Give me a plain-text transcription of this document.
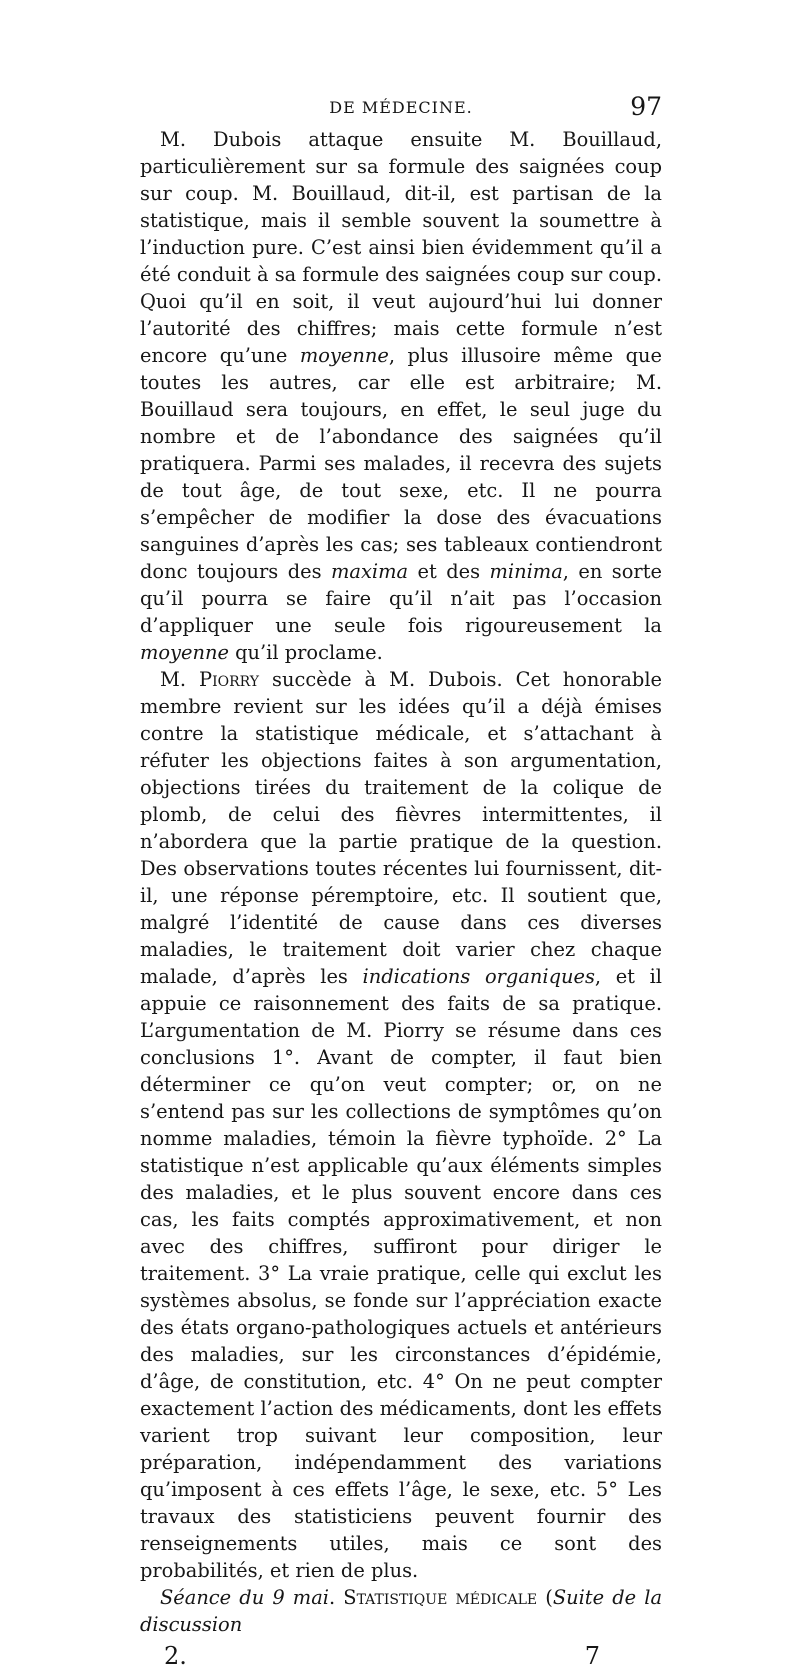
DE MÉDECINE.	97

M. Dubois attaque ensuite M. Bouillaud, particulièrement sur sa formule des saignées coup sur coup. M. Bouillaud, dit-il, est partisan de la statistique, mais il semble souvent la soumettre à l’induction pure. C’est ainsi bien évidemment qu’il a été conduit à sa formule des saignées coup sur coup. Quoi qu’il en soit, il veut aujourd’hui lui donner l’autorité des chiffres; mais cette formule n’est encore qu’une moyenne, plus illusoire même que toutes les autres, car elle est arbitraire; M. Bouillaud sera toujours, en effet, le seul juge du nombre et de l’abondance des saignées qu’il pratiquera. Parmi ses malades, il recevra des sujets de tout âge, de tout sexe, etc. Il ne pourra s’empêcher de modifier la dose des évacuations sanguines d’après les cas; ses tableaux contiendront donc toujours des maxima et des minima, en sorte qu’il pourra se faire qu’il n’ait pas l’occasion d’appliquer une seule fois rigoureusement la moyenne qu’il proclame.

M. Piorry succède à M. Dubois. Cet honorable membre revient sur les idées qu’il a déjà émises contre la statistique médicale, et s’attachant à réfuter les objections faites à son argumentation, objections tirées du traitement de la colique de plomb, de celui des fièvres intermittentes, il n’abordera que la partie pratique de la question. Des observations toutes récentes lui fournissent, dit-il, une réponse péremptoire, etc. Il soutient que, malgré l’identité de cause dans ces diverses maladies, le traitement doit varier chez chaque malade, d’après les indications organiques, et il appuie ce raisonnement des faits de sa pratique. L’argumentation de M. Piorry se résume dans ces conclusions 1°. Avant de compter, il faut bien déterminer ce qu’on veut compter; or, on ne s’entend pas sur les collections de symptômes qu’on nomme maladies, témoin la fièvre typhoïde. 2° La statistique n’est applicable qu’aux éléments simples des maladies, et le plus souvent encore dans ces cas, les faits comptés approximativement, et non avec des chiffres, suffiront pour diriger le traitement. 3° La vraie pratique, celle qui exclut les systèmes absolus, se fonde sur l’appréciation exacte des états organo-pathologiques actuels et antérieurs des maladies, sur les circonstances d’épidémie, d’âge, de constitution, etc. 4° On ne peut compter exactement l’action des médicaments, dont les effets varient trop suivant leur composition, leur préparation, indépendamment des variations qu’imposent à ces effets l’âge, le sexe, etc. 5° Les travaux des statisticiens peuvent fournir des renseignements utiles, mais ce sont des probabilités, et rien de plus.

Séance du 9 mai. Statistique médicale (Suite de la discussion

2.	7
